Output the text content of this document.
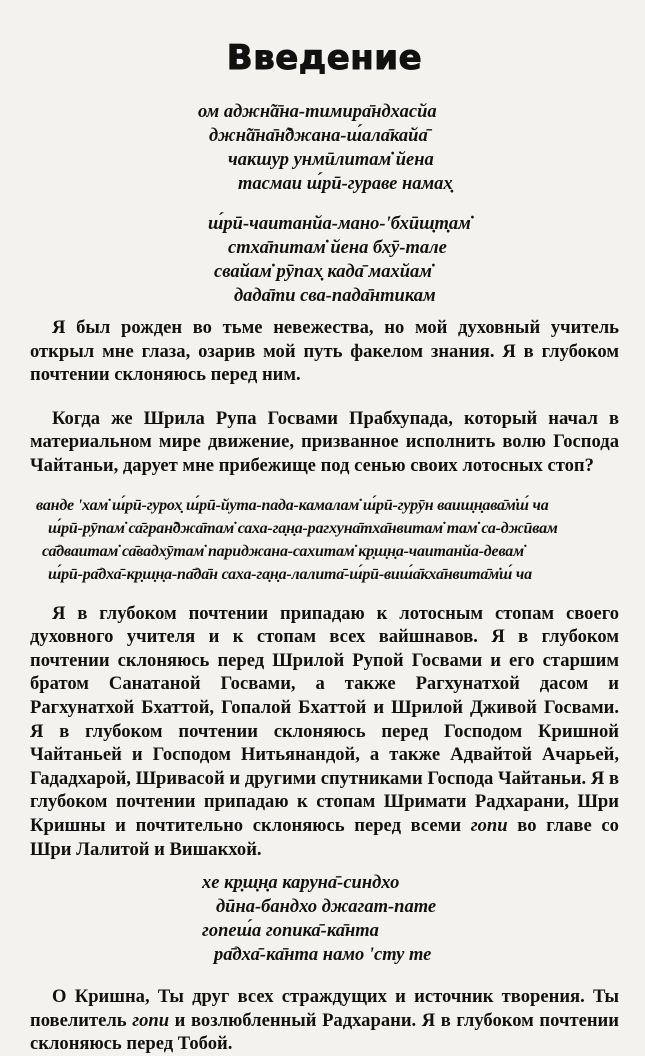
Введение
ом аджн̃а̄на-тимира̄ндхасйа
джн̃а̄на̄н̃джана-ш́ала̄кайа̄
чакшур унмӣлитам̇ йена
тасмаи ш́рӣ-гураве намах̣
ш́рӣ-чаитанйа-мано-'бхӣш̣т̣ам̇
стха̄питам̇ йена бхӯ-тале
свайам̇ рӯпах̣ када̄ махйам̇
дада̄ти сва-пада̄нтикам

Я был рожден во тьме невежества, но мой духовный учитель открыл мне глаза, озарив мой путь факелом знания. Я в глубоком почтении склоняюсь перед ним.

Когда же Шрила Рупа Госвами Прабхупада, который начал в материальном мире движение, призванное исполнить волю Господа Чайтаньи, дарует мне прибежище под сенью своих лотосных стоп?

ванде 'хам̇ ш́рӣ-гурох̣ ш́рӣ-йута-пада-камалам̇ ш́рӣ-гурӯн ваиш̣н̣ава̄м̇ш́ ча
ш́рӣ-рӯпам̇ са̄гран̃джа̄там̇ саха-га̣н̣а-рагхуна̄тха̄нвитам̇ там̇ са-джӣвам
са̄дваитам̇ са̄вадхӯтам̇ париджана-сахитам̇ кр̣ш̣н̣а-чаитанйа-девам̇
ш́рӣ-ра̄дха̄-кр̣ш̣н̣а-па̄да̄н саха-га̣н̣а-лалита̄-ш́рӣ-виш́а̄кха̄нвита̄м̇ш́ ча

Я в глубоком почтении припадаю к лотосным стопам своего духовного учителя и к стопам всех вайшнавов. Я в глубоком почтении склоняюсь перед Шрилой Рупой Госвами и его старшим братом Санатаной Госвами, а также Рагхунатхой дасом и Рагхунатхой Бхаттой, Гопалой Бхаттой и Шрилой Дживой Госвами. Я в глубоком почтении склоняюсь перед Господом Кришной Чайтаньей и Господом Нитьянандой, а также Адвайтой Ачарьей, Гададхарой, Шривасой и другими спутниками Господа Чайтаньи. Я в глубоком почтении припадаю к стопам Шримати Радхарани, Шри Кришны и почтительно склоняюсь перед всеми гопи во главе со Шри Лалитой и Вишакхой.

хе кр̣ш̣н̣а каруна̄-синдхо
дӣна-бандхо джагат-пате
гопеш́а гопика̄-ка̄нта
ра̄дха̄-ка̄нта намо 'сту те

О Кришна, Ты друг всех страждущих и источник творения. Ты повелитель гопи и возлюбленный Радхарани. Я в глубоком почтении склоняюсь перед Тобой.
